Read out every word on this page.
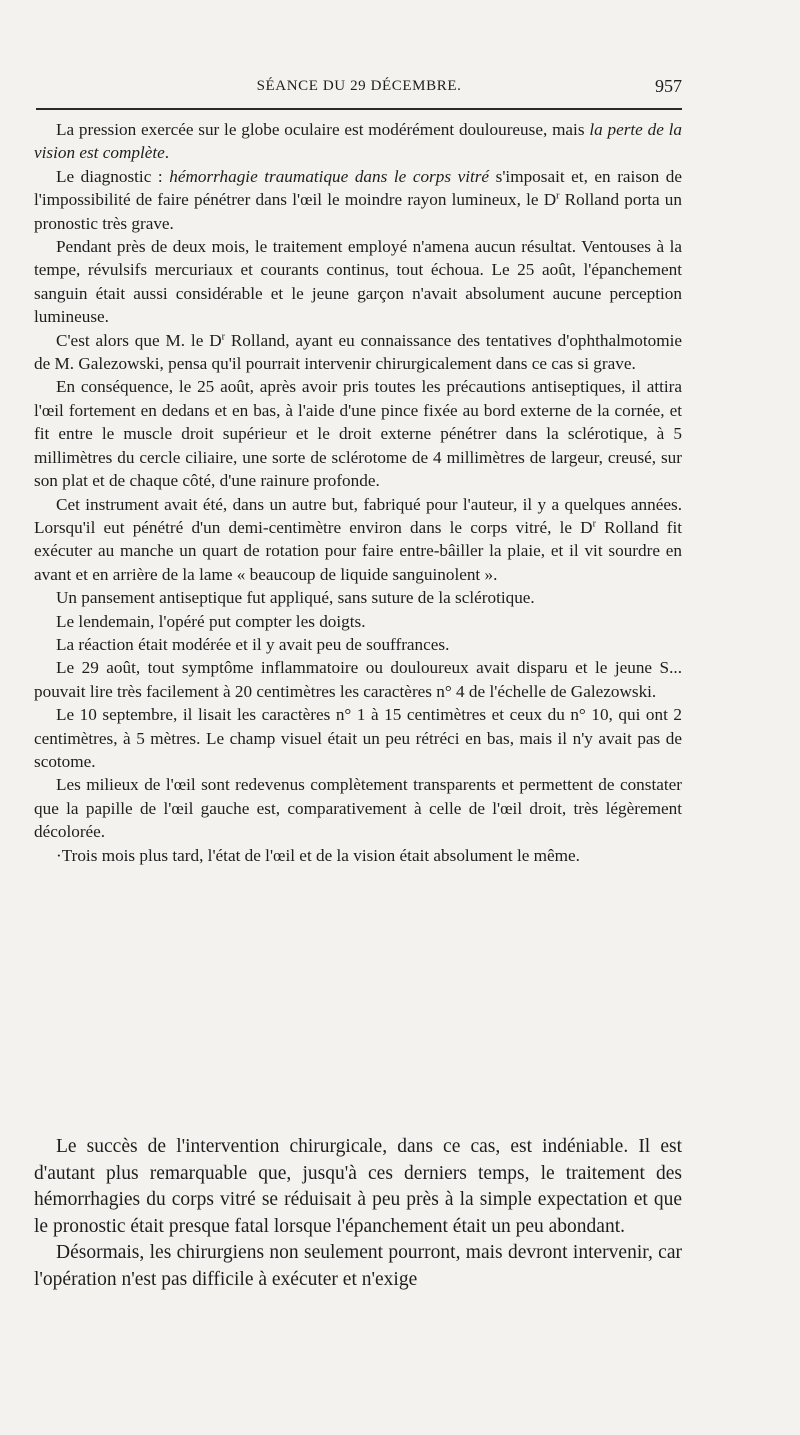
SÉANCE DU 29 DÉCEMBRE.	957

La pression exercée sur le globe oculaire est modérément douloureuse, mais la perte de la vision est complète.

Le diagnostic : hémorrhagie traumatique dans le corps vitré s'imposait et, en raison de l'impossibilité de faire pénétrer dans l'œil le moindre rayon lumineux, le $D^r$ Rolland porta un pronostic très grave.

Pendant près de deux mois, le traitement employé n'amena aucun résultat. Ventouses à la tempe, révulsifs mercuriaux et courants continus, tout échoua. Le 25 août, l'épanchement sanguin était aussi considérable et le jeune garçon n'avait absolument aucune perception lumineuse.

C'est alors que M. le $D^r$ Rolland, ayant eu connaissance des tentatives d'ophthalmotomie de M. Galezowski, pensa qu'il pourrait intervenir chirurgicalement dans ce cas si grave.

En conséquence, le 25 août, après avoir pris toutes les précautions antiseptiques, il attira l'œil fortement en dedans et en bas, à l'aide d'une pince fixée au bord externe de la cornée, et fit entre le muscle droit supérieur et le droit externe pénétrer dans la sclérotique, à 5 millimètres du cercle ciliaire, une sorte de sclérotome de 4 millimètres de largeur, creusé, sur son plat et de chaque côté, d'une rainure profonde.

Cet instrument avait été, dans un autre but, fabriqué pour l'auteur, il y a quelques années. Lorsqu'il eut pénétré d'un demi-centimètre environ dans le corps vitré, le $D^r$ Rolland fit exécuter au manche un quart de rotation pour faire entre-bâiller la plaie, et il vit sourdre en avant et en arrière de la lame « beaucoup de liquide sanguinolent ».

Un pansement antiseptique fut appliqué, sans suture de la sclérotique.

Le lendemain, l'opéré put compter les doigts.

La réaction était modérée et il y avait peu de souffrances.

Le 29 août, tout symptôme inflammatoire ou douloureux avait disparu et le jeune S... pouvait lire très facilement à 20 centimètres les caractères n° 4 de l'échelle de Galezowski.

Le 10 septembre, il lisait les caractères n° 1 à 15 centimètres et ceux du n° 10, qui ont 2 centimètres, à 5 mètres. Le champ visuel était un peu rétréci en bas, mais il n'y avait pas de scotome.

Les milieux de l'œil sont redevenus complètement transparents et permettent de constater que la papille de l'œil gauche est, comparativement à celle de l'œil droit, très légèrement décolorée.

·Trois mois plus tard, l'état de l'œil et de la vision était absolument le même.

Le succès de l'intervention chirurgicale, dans ce cas, est indéniable. Il est d'autant plus remarquable que, jusqu'à ces derniers temps, le traitement des hémorrhagies du corps vitré se réduisait à peu près à la simple expectation et que le pronostic était presque fatal lorsque l'épanchement était un peu abondant.

Désormais, les chirurgiens non seulement pourront, mais devront intervenir, car l'opération n'est pas difficile à exécuter et n'exige
